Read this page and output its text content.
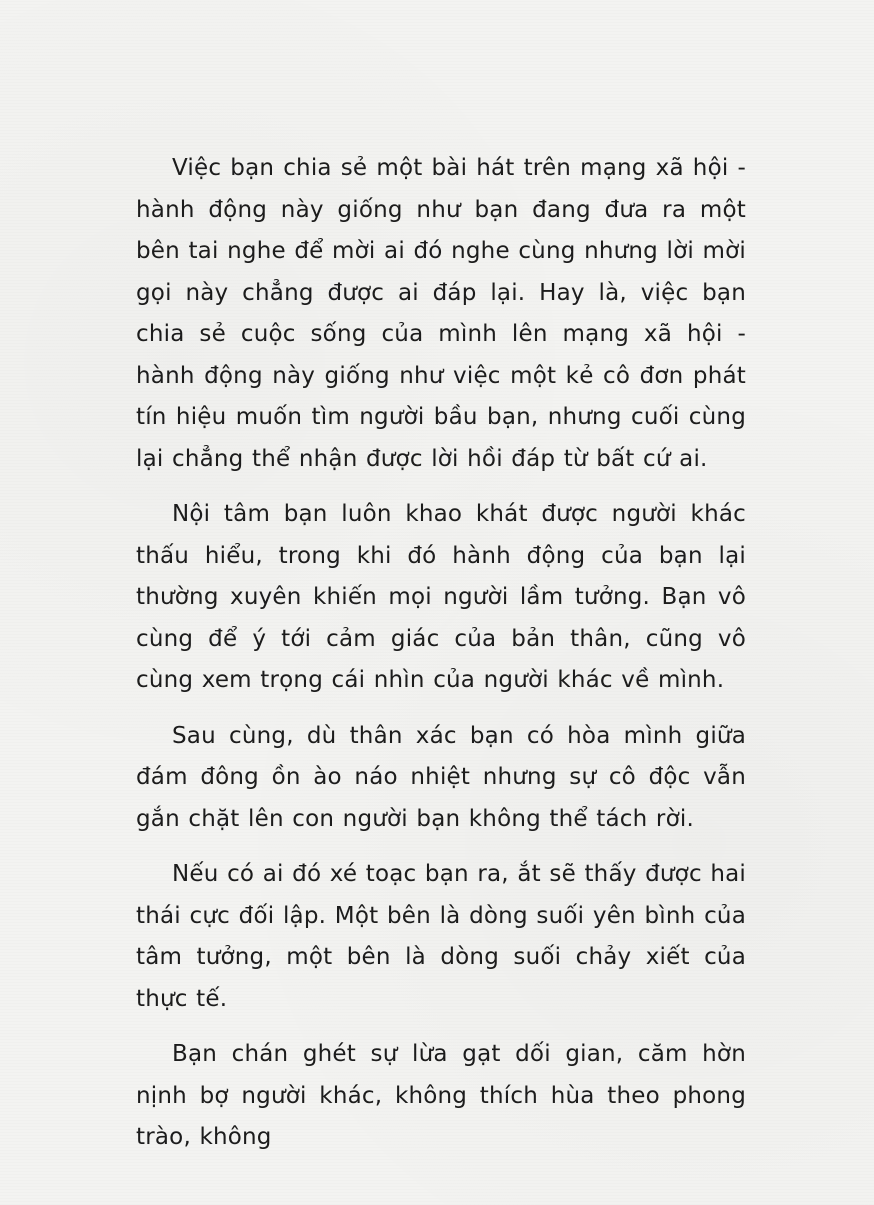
Việc bạn chia sẻ một bài hát trên mạng xã hội - hành động này giống như bạn đang đưa ra một bên tai nghe để mời ai đó nghe cùng nhưng lời mời gọi này chẳng được ai đáp lại. Hay là, việc bạn chia sẻ cuộc sống của mình lên mạng xã hội - hành động này giống như việc một kẻ cô đơn phát tín hiệu muốn tìm người bầu bạn, nhưng cuối cùng lại chẳng thể nhận được lời hồi đáp từ bất cứ ai.

Nội tâm bạn luôn khao khát được người khác thấu hiểu, trong khi đó hành động của bạn lại thường xuyên khiến mọi người lầm tưởng. Bạn vô cùng để ý tới cảm giác của bản thân, cũng vô cùng xem trọng cái nhìn của người khác về mình.

Sau cùng, dù thân xác bạn có hòa mình giữa đám đông ồn ào náo nhiệt nhưng sự cô độc vẫn gắn chặt lên con người bạn không thể tách rời.

Nếu có ai đó xé toạc bạn ra, ắt sẽ thấy được hai thái cực đối lập. Một bên là dòng suối yên bình của tâm tưởng, một bên là dòng suối chảy xiết của thực tế.

Bạn chán ghét sự lừa gạt dối gian, căm hờn nịnh bợ người khác, không thích hùa theo phong trào, không
